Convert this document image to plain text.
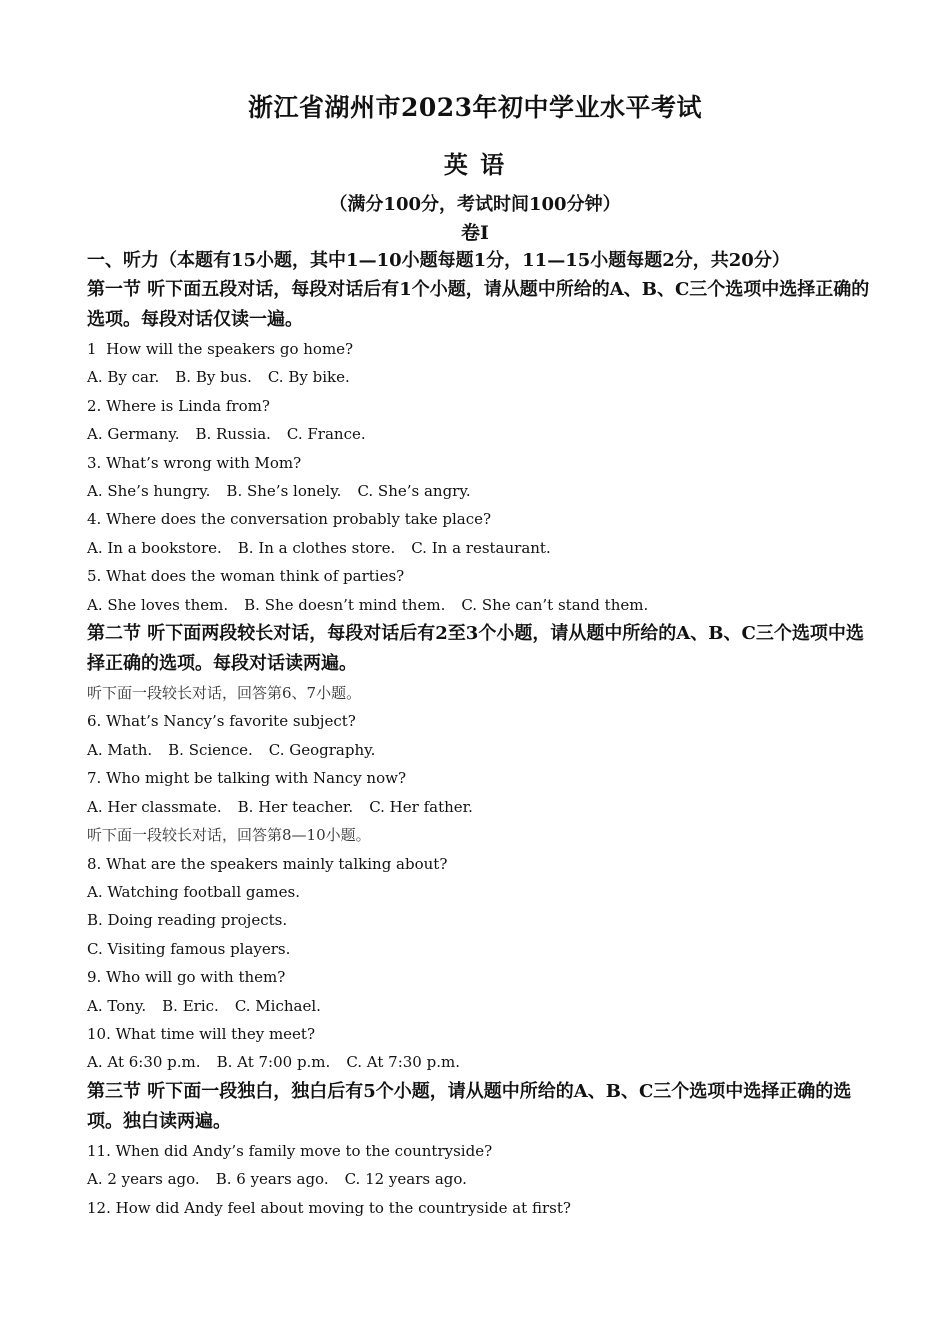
浙江省湖州市2023年初中学业水平考试
英 语
（满分100分，考试时间100分钟）
卷Ⅰ

一、听力（本题有15小题，其中1—10小题每题1分，11—15小题每题2分，共20分）

第一节 听下面五段对话，每段对话后有1个小题，请从题中所给的A、B、C三个选项中选择正确的选项。每段对话仅读一遍。

1  How will the speakers go home?

A. By car. B. By bus. C. By bike.

2. Where is Linda from?

A. Germany. B. Russia. C. France.

3. What’s wrong with Mom?

A. She’s hungry. B. She’s lonely. C. She’s angry.

4. Where does the conversation probably take place?

A. In a bookstore. B. In a clothes store. C. In a restaurant.

5. What does the woman think of parties?

A. She loves them. B. She doesn’t mind them. C. She can’t stand them.

第二节 听下面两段较长对话，每段对话后有2至3个小题，请从题中所给的A、B、C三个选项中选择正确的选项。每段对话读两遍。

听下面一段较长对话，回答第6、7小题。

6. What’s Nancy’s favorite subject?

A. Math. B. Science. C. Geography.

7. Who might be talking with Nancy now?

A. Her classmate. B. Her teacher. C. Her father.

听下面一段较长对话，回答第8—10小题。

8. What are the speakers mainly talking about?

A. Watching football games.

B. Doing reading projects.

C. Visiting famous players.

9. Who will go with them?

A. Tony. B. Eric. C. Michael.

10. What time will they meet?

A. At 6:30 p.m. B. At 7:00 p.m. C. At 7:30 p.m.

第三节 听下面一段独白，独白后有5个小题，请从题中所给的A、B、C三个选项中选择正确的选项。独白读两遍。

11. When did Andy’s family move to the countryside?

A. 2 years ago. B. 6 years ago. C. 12 years ago.

12. How did Andy feel about moving to the countryside at first?
